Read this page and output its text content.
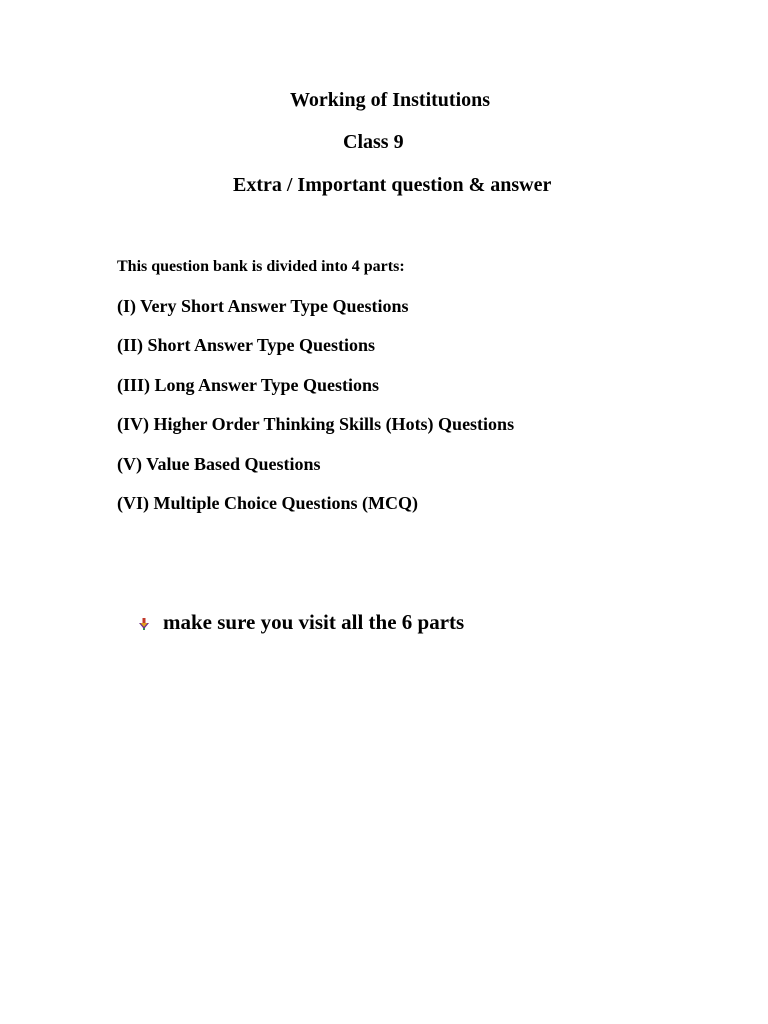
Working of Institutions
Class 9
Extra / Important question & answer

This question bank is divided into 4 parts:

(I) Very Short Answer Type Questions
(II) Short Answer Type Questions
(III) Long Answer Type Questions
(IV) Higher Order Thinking Skills (Hots) Questions
(V) Value Based Questions
(VI) Multiple Choice Questions (MCQ)
make sure you visit all the 6 parts
